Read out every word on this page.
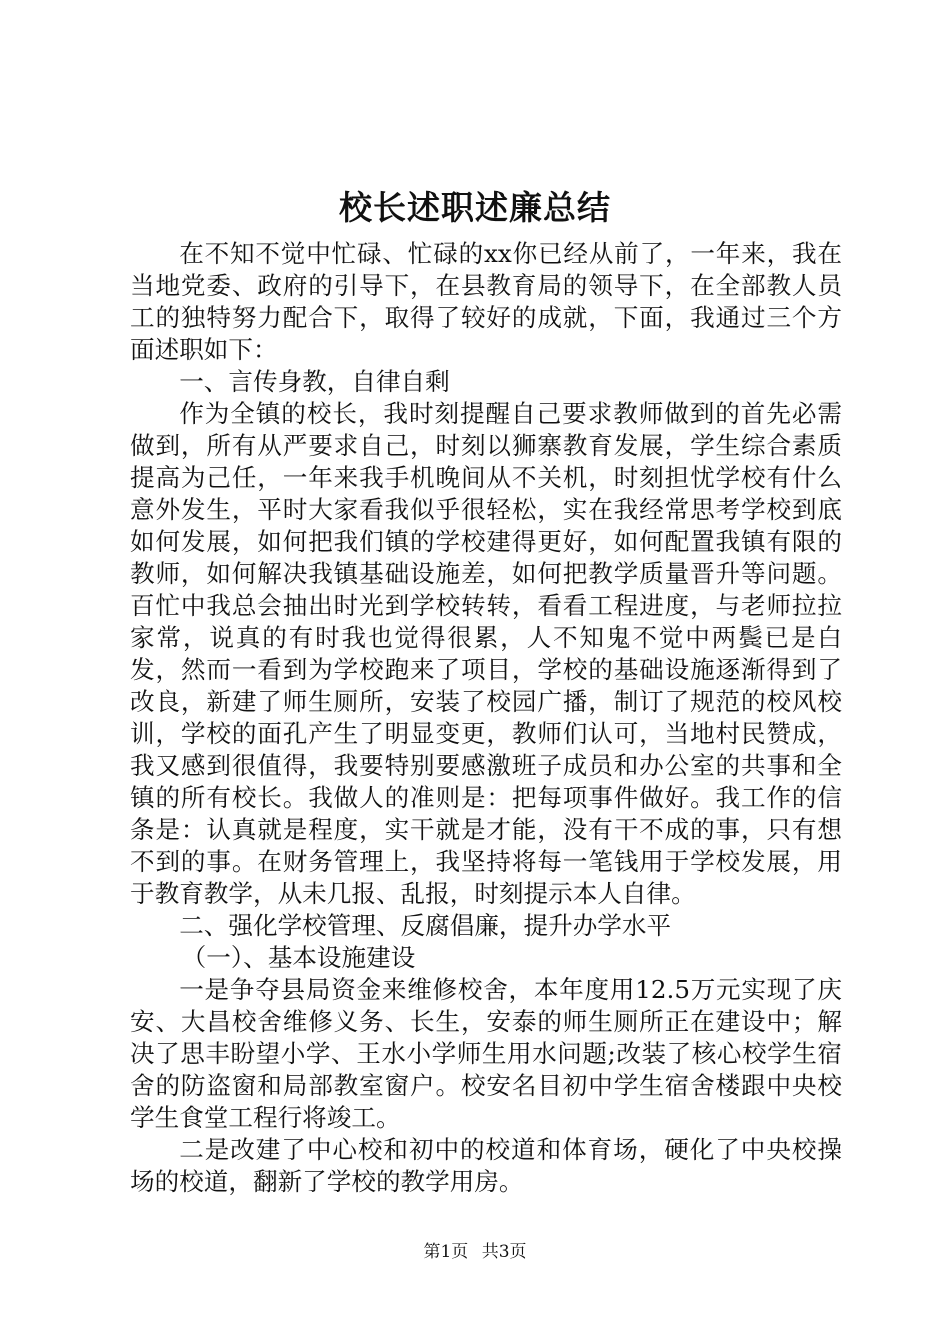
校长述职述廉总结

在不知不觉中忙碌、忙碌的xx你已经从前了，一年来，我在当地党委、政府的引导下，在县教育局的领导下，在全部教人员工的独特努力配合下，取得了较好的成就，下面，我通过三个方面述职如下：

一、言传身教，自律自剩

作为全镇的校长，我时刻提醒自己要求教师做到的首先必需做到，所有从严要求自己，时刻以狮寨教育发展，学生综合素质提高为己任，一年来我手机晚间从不关机，时刻担忧学校有什么意外发生，平时大家看我似乎很轻松，实在我经常思考学校到底如何发展，如何把我们镇的学校建得更好，如何配置我镇有限的教师，如何解决我镇基础设施差，如何把教学质量晋升等问题。百忙中我总会抽出时光到学校转转，看看工程进度，与老师拉拉家常，说真的有时我也觉得很累，人不知鬼不觉中两鬓已是白发，然而一看到为学校跑来了项目，学校的基础设施逐渐得到了改良，新建了师生厕所，安装了校园广播，制订了规范的校风校训，学校的面孔产生了明显变更，教师们认可，当地村民赞成，我又感到很值得，我要特别要感激班子成员和办公室的共事和全镇的所有校长。我做人的准则是：把每项事件做好。我工作的信条是：认真就是程度，实干就是才能，没有干不成的事，只有想不到的事。在财务管理上，我坚持将每一笔钱用于学校发展，用于教育教学，从未几报、乱报，时刻提示本人自律。

二、强化学校管理、反腐倡廉，提升办学水平

（一）、基本设施建设

一是争夺县局资金来维修校舍，本年度用12.5万元实现了庆安、大昌校舍维修义务、长生，安泰的师生厕所正在建设中；解决了思丰盼望小学、王水小学师生用水问题;改装了核心校学生宿舍的防盗窗和局部教室窗户。校安名目初中学生宿舍楼跟中央校学生食堂工程行将竣工。

二是改建了中心校和初中的校道和体育场，硬化了中央校操场的校道，翻新了学校的教学用房。

第1页 共3页
